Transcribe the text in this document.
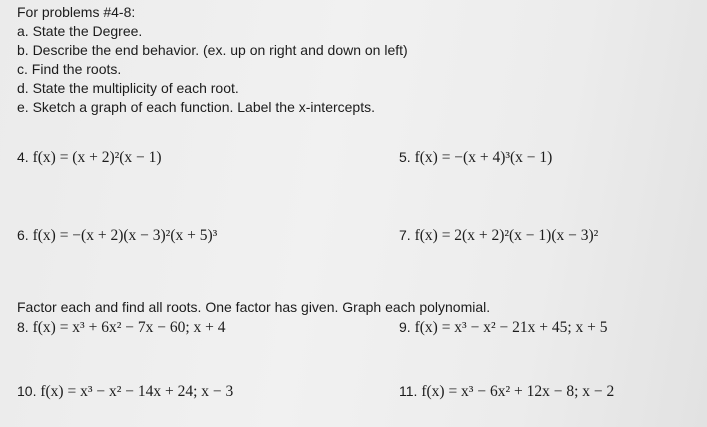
For problems #4-8:
a. State the Degree.
b. Describe the end behavior. (ex. up on right and down on left)
c. Find the roots.
d. State the multiplicity of each root.
e. Sketch a graph of each function. Label the x-intercepts.
4. f(x) = (x + 2)²(x − 1)	5. f(x) = −(x + 4)³(x − 1)
6. f(x) = −(x + 2)(x − 3)²(x + 5)³	7. f(x) = 2(x + 2)²(x − 1)(x − 3)²
Factor each and find all roots. One factor has given. Graph each polynomial.
8. f(x) = x³ + 6x² − 7x − 60; x + 4	9. f(x) = x³ − x² − 21x + 45; x + 5
10. f(x) = x³ − x² − 14x + 24; x − 3	11. f(x) = x³ − 6x² + 12x − 8; x − 2
